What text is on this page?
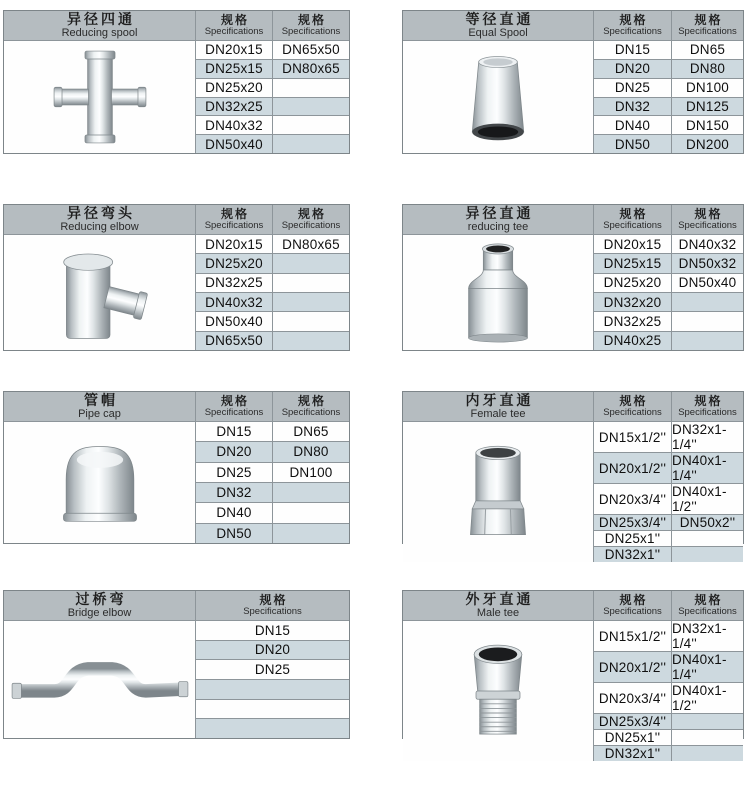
异径四通
Reducing spool
规格
Specifications
规格
Specifications
DN20x15	DN65x50
DN25x15	DN80x65
DN25x20
DN32x25
DN40x32
DN50x40
等径直通
Equal Spool
规格
Specifications
规格
Specifications
DN15	DN65
DN20	DN80
DN25	DN100
DN32	DN125
DN40	DN150
DN50	DN200
异径弯头
Reducing elbow
规格
Specifications
规格
Specifications
DN20x15	DN80x65
DN25x20
DN32x25
DN40x32
DN50x40
DN65x50
异径直通
reducing tee
规格
Specifications
规格
Specifications
DN20x15	DN40x32
DN25x15	DN50x32
DN25x20	DN50x40
DN32x20
DN32x25
DN40x25
管帽
Pipe cap
规格
Specifications
规格
Specifications
DN15	DN65
DN20	DN80
DN25	DN100
DN32
DN40
DN50
内牙直通
Female tee
规格
Specifications
规格
Specifications
DN15x1/2'' DN32x1-1/4''
DN20x1/2'' DN40x1-1/4''
DN20x3/4'' DN40x1-1/2''
DN25x3/4''	DN50x2''
DN25x1''
DN32x1''
过桥弯
Bridge elbow
规格
Specifications
DN15
DN20
DN25
外牙直通
Male tee
规格
Specifications
规格
Specifications
DN15x1/2'' DN32x1-1/4''
DN20x1/2'' DN40x1-1/4''
DN20x3/4'' DN40x1-1/2''
DN25x3/4''
DN25x1''
DN32x1''
